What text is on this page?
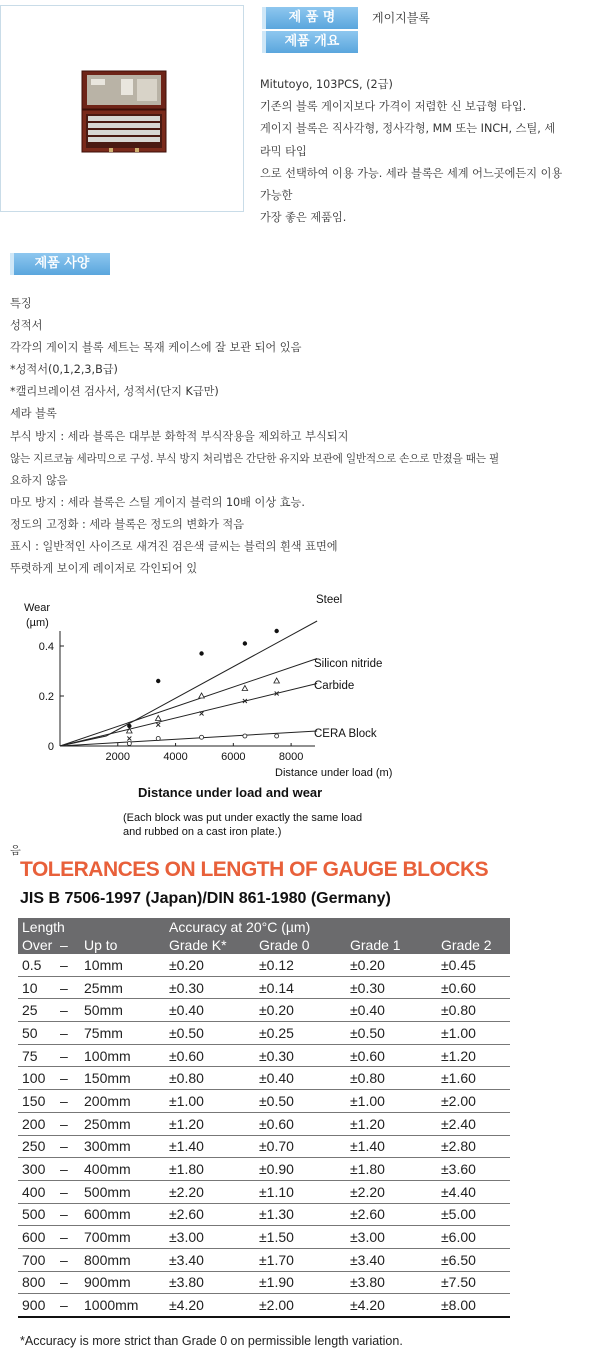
제 품 명	게이지블록
제품 개요
Mitutoyo, 103PCS, (2급)
기존의 블록 게이지보다 가격이 저렴한 신 보급형 타입.
게이지 블록은 직사각형, 정사각형, MM 또는 INCH, 스틸, 세
라믹 타입
으로 선택하여 이용 가능. 세라 블록은 세계 어느곳에든지 이용
가능한
가장 좋은 제품임.
제품 사양
특징
성적서
각각의 게이지 블록 세트는 목재 케이스에 잘 보관 되어 있음
*성적서(0,1,2,3,B급)
*캘리브레이션 검사서, 성적서(단지 K급만)
세라 블록
부식 방지 : 세라 블록은 대부분 화학적 부식작용을 제외하고 부식되지
않는 지르코늄 세라믹으로 구성. 부식 방지 처리법은 간단한 유지와 보관에 일반적으로 손으로 만졌을 때는 필
요하지 않음
마모 방지 : 세라 블록은 스틸 게이지 블럭의 10배 이상 효능.
정도의 고정화 : 세라 블록은 정도의 변화가 적음
표시 : 일반적인 사이즈로 새겨진 검은색 글씨는 블럭의 흰색 표면에
뚜렷하게 보이게 레이저로 각인되어 있
2000	4000	6000	8000
0
0.2
0.4
Wear
(µm)
Distance under load (m)
Distance under load and wear
(Each block was put under exactly the same load
and rubbed on a cast iron plate.)
Steel
Silicon nitride
Carbide
CERA Block
음
TOLERANCES ON LENGTH OF GAUGE BLOCKS
JIS B 7506-1997 (Japan)/DIN 861-1980 (Germany)
Length			Accuracy at 20°C (µm)			
Over	–	Up to	Grade K*	Grade 0	Grade 1	Grade 2
0.5	–	10mm	±0.20	±0.12	±0.20	±0.45
10	–	25mm	±0.30	±0.14	±0.30	±0.60
25	–	50mm	±0.40	±0.20	±0.40	±0.80
50	–	75mm	±0.50	±0.25	±0.50	±1.00
75	–	100mm	±0.60	±0.30	±0.60	±1.20
100	–	150mm	±0.80	±0.40	±0.80	±1.60
150	–	200mm	±1.00	±0.50	±1.00	±2.00
200	–	250mm	±1.20	±0.60	±1.20	±2.40
250	–	300mm	±1.40	±0.70	±1.40	±2.80
300	–	400mm	±1.80	±0.90	±1.80	±3.60
400	–	500mm	±2.20	±1.10	±2.20	±4.40
500	–	600mm	±2.60	±1.30	±2.60	±5.00
600	–	700mm	±3.00	±1.50	±3.00	±6.00
700	–	800mm	±3.40	±1.70	±3.40	±6.50
800	–	900mm	±3.80	±1.90	±3.80	±7.50
900	–	1000mm	±4.20	±2.00	±4.20	±8.00
*Accuracy is more strict than Grade 0 on permissible length variation.
